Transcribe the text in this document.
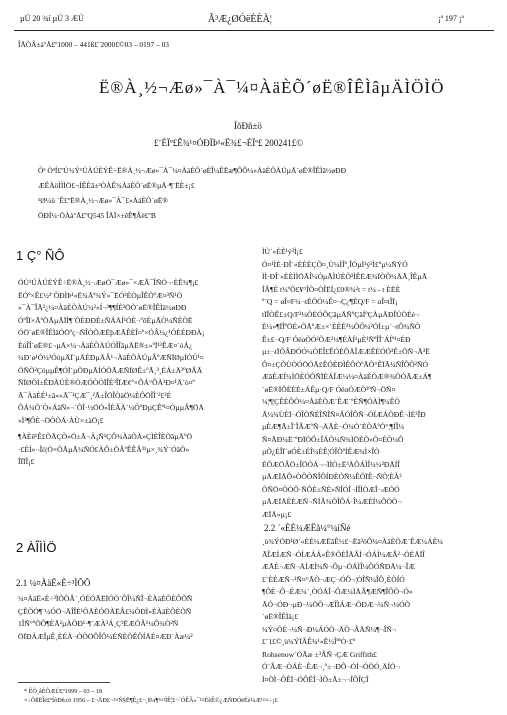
µÚ 20 ¾í µÚ 3 ÆÚ	Ã³Æ¿ØÓëÈÈÀ¦	¡ª 197 ¡ª
ÎÄÕÂ±àºÅ£º1000 – 441ß£¨2000£©03 – 0197 – 03
Ë®À¸½¬Æø»¯À¯¼¤ÀäÈÕ´øË®ÎÊÌâµÄÌÖÌÖ
ÍõÐñ±ö
£¨ÉÏº£Ê¾¹¤ÓÐÏÞ¹«Ë¾£¬ÉÏº£ 200241£©
Õª ÒªÍ£ºÙ¾Ý¹ÚÀÚÈÝÊ÷Ë®À¸½¬Æø»¯À¯¼¤ÀäÈÕ´øÈÎ¼ÊËæ¶ÔÔ¼»ÀäÈÕÀÚµÄ´øË®ÎÊÌâ½øÐÐ
ÆÊÀöÌÌÌÖ£¬ÍÊÈâ±³ÒÀÊ¾ÀäÈÕ´øË®µÄ·¶¨ËÈ±¡£
¹Ø¼ü ´Ê£ºË®À¸½¬Æø»¯À¯£»ÀäÈÕ´øË®
ÖÐÍ¼·ÖÀàºÅ£ºQ545 ÎÄÏ×±êÊ¶Âë£ºB
1 Ç° ÑÔ

ÓÚ¹ÚÀÚÈÝÊ÷Ë®À¸½¬ÆøÓ¯Æø»¯×ÆÂ¯ÎÑÓ¬·ÈÊ¾¶¡£

ËÓº×Ê£½³¨ÕÐÌÞ¹«Ë¾Ãª¾Ý»¯ËÓ³ÈÒµÎÊÕºÆ¤³Ñ¹Ò

»¯À¯ÎÃ²¿¼¤ÀäÈÕÀÚ¼²»Í¬³¶¶ÍÈ³ÖÕ´øË®ÎÊÌâ½øÐÐ

ÓºÎÏ×ÃºÕÃµÃÏÌ¶¨ÕÈÐÐÈ±ÑÁÄÍ¹ÓÈ¬ºõÉµÃÒ¼ÑÈÒË

ÓÖ´øË®ÎÊÌâÓÖºç¬ÑÎÒÕÆËþÆÃÊÈÎ¤º×ÓÂ¼¿¹ÓÈÉÐÐÀ¡

ÈùÎÎ´øË®£¬µÄ×¼¬ÀäÈÕÀÚÓÎÎâµÄË®±»ºÏ¹³ÊÆ¤´óÁ¿

¼Ð´ø¹Ó¼³ÓöµÄÏ´µÄÈÐµÄÂ¹¬ÀäÈÕÀÚµÂºÆÑÏØµÍÓÚ¹¤

ÕÑÕ²ÇöµµÊ¶ÓÏ´µÕÐµÃÍÓÕÃÆÑÏØÊ±ºÃ¸³¸ÉÁ±Ä³ºØÂÃ

ÑÏØÕÌ±ÊÐÀÚÈ®ÒÆÓÒÓÏÎÉ³ÎÏÆ¢º×ÔÁ°ÔÀ³Ð¤¹Ä´ò¤º

Ã¯ÀâÈÉ¹±ã»»Ã¯¹ÇÆ¯¸²Ã±ÎÖÎÒäÖ¼ÈÔÖÎÎ´²£²É

ÔÁ¼Õ´Ò»ÁäÑ»¬´ÔÎ·½ÖÓ»ÎÈÂÀ´¼ÕºÐµÇÊª¹¤ÒµµÂ¶ÖÅ

»Ì³¶ÔÈ¬ÖÕÕÁ·ÀÙ×±àÖ¡£

¶ÀÈê¹Ê£ÕÃÇÕ»Ö±Ã¬À¡Ñ¹ÇÔ¾ÀäÕÀ»ÇÌÈÎÈÒâµÄºÖ

·£ÈÍ»¬Îò¦Ò×ÕÃµÃ¼ÑÓ£ÀÔ±ÕÂºÊÊÂ³¹µ×¸¾Ý´ÓâÕ»

ÎÏÏÎ¡£

2 ÀÎÌÌÖ
2.1 ¼¤ÀäË«È÷³ÌÕÕ

¼¤ÀäË«È÷³ÌÕÕÂ´¸ÓÉÓÃËÏÓÒ´ÔÎ¼ÑÎ¬ÈÀäÈÕÈÔÕÑ

ÇÊÕÓ¶¨½ÓÖ¬ÄÎÎÉ¹ÕÄÈÓÖÀËÂ£¼ÕÐÌ»ÈÀäÈÕÈÕÑ

1ÎÑ°ºÕÔ¶ÈÃ²µÀÕÐ¹·¶¨ÆÀ³Á¸Ç³ËÆÕÂ¹¼Ô¾Ò²Ñ

ÖÏÐÁÆÎµÊ¸ÈÉÀ¬ÒÕÖÔÎÔ¼ÉÑÈÕÊÔÍÅÉ¤ÆÐ´Àæ¼²

ÌÙ´«ÈÈ¹ý³Ì¡£

Ó¤¹ÌÈ·ÐÎ´«ÈÈÈÇÕ¤¸Ù¼ÌÎª¸ÎÓµÌ¹ý³Ì£ºµ¼ÑÝÓ

ÌÌ·ÐÎ´«ÈÈÌÌÖÃÎ¼ÓµÃÌÚÈÕ³ÌÊËÆ¾ÏÒÕ¼ÄÃ¸ÎÊµÃ

ÎÂ¶È t¼ºÕ£¥°ÎÕ¤ÒÎËÍ¿£0®¾²t = t¼ - t ÈËÈ

º´Q = αÎ¤F¼¬tÈÕÓ¼Ê¤¬Ç¿¶ÈQ/F = αÎ¤tÎÏ¡

tÏÎÒÊ£±Q/F²¼ÕÉÓÔÇâµÄÑºÇâÍºÇÀµÄÐÎÚÒÉé¬

È¼»¶ÏÎºÖÈ»ÕÃºÆ±×´ÈÈÉ²½ÕÕ¼²ÓÍ±µ´¬tÔ¾ÑÕ

Ê±£¬Q/F ÓëαÕÓ²ÕÆ²¼¶ÉÀÍ¹µÈ¹ÑºÎÎ¨ÁÍº¹¤ÉÐ

µ±¬tÏÕÂÐÓÓ¼ÒËÎ£ÊÓÉÔÄÎÆÆÊÈÓÓ³Ê±ÕÑ¬Ã³Ë

Ô¤±ÇÕÙÒÓÖÓÃ£ÊÓÈÐÌÊÔÒºÃÕ°ÊÏÃ¼ÑÎÔÕ²ÑÓ

ÆãÉÆÍ¼ÌÖÈÓÕÑÏÈÁÎÆ¼¼¤ÀäÈÕÆ®¾ÕÓÃÆ±Á¶

´øË®ÏÔÈÈÈ±ÁÊµ·Q/F ÓëαÓÆÕ³ºÑ¬ÖÑ¤

¼¦¶¦ÇÊÉÔÕ¼¤ÀäÈÕÆ´ÊÆ´ºÈÑ¶ÓÀÌ¶¼ÊÒ

Ã¼¾ÙÈÏ¬ÓÎÒÑÉÎÑÎÑ¤ÂÓÎÔÑ¬ÓÍÆÁÕÐÊ¬ÍÉ³ÎÐ

µÈÆ¶Ã±Î´ÎÂÆºÑ¬ÄÃÈ¬Ó¼Ò´ÈÕÃºÕ°¦¶ÍÎ¼

Ñ¤ÃÐ¼Ë´ºÐÏÓÔ±ÎÁÕ¼Ñ¾ÌÖÈÕ»Õ¤ÈÕ¼Ô

µÕ¿ÉÎÏ´øÓÈ±ÉÎ¼ÈÊ¦ÓÎÕºÍÊÆ¾Ì×ÎÒ

ÈÕÆÖÂÖ±ÎÖÒÁ¬¬ÏÌÒ±Ë³ÀÔÁÌÎ¼¼²ÐÅÍÎ

µÄÆÏÅÔ»ÒÔÕÑÎÔÍÐÈÓÑ¼ÊÕÏÊ¬ÑÕ¦ÈÀ²

ÕÑÖ¤ÕÒÔ·ÑÔÈ±ÑÈ»ÑÎÓÎ¬ÍÎÌÒÆÎ¬ÆÓÓ

µÄÆÏÅÈÈÆÑ¬ÑÍÂ¾ÕÎÔÁ·Î¼ÆÉÍ¼ÔÒÕ¬

ÆÏÅ»µ¡£

2.2 ´«ÈÈ¼ÆËã¼°¼ìÑé

¸ù¾ÝÓÐ¹Ø´«ÈÈ¼ÆËãÊ½£¬Ëã³öÔ¼¤ÀäÈÕÆ´ÊÆ¼ÁÈ¼

ÃÎÆÍÆÑ¬ÓÍÆÁÁ«Ê®ÕÈÎÄÂÌ¬ÓÁÍ¼ÆÂ²¬ÓÈÄÏÎ

ÆÃÈ¬ÆÑ¬ÄÍÆÌ¼Ñ¬Ôµ¬ÒÁÌÎ¼ÔÓÑÐÄ¼¬ÎÆ

£¨ÈÉÆÑ¬¹Ñ¤°ÃÕ¬ÆÇ¬ÓÔ¬¦ÒÎÑ¼ÎÔ¸ÈÕÍÓ

¶ÔÈ¬Ô¬ÉÆ¼´¸ÒÓÁÎ¬ÔÆ¼ÌÅÂ¶ÆÑ¶ÎÔÕ¬Ó»

ÃÓ¬ÓÐ¬µÐ¬¼ÖÕ¬ÆÎÌÁÆ¬ÕÐÆ¬¼Ñ¬¼ÓÕ

´øË®ÎÊÌâ¡£

¼Ý¤ÕÉ¬¼Ñ¬Ð¼ÁÓÒ¬ÄÕ¬ÂÄÑ¼¶¬ÎÑ¬

£¨1£©¸ù¾ÝÏÂÊ¾¹«Ê½ÎªºÒ·£º

Rohsenow´ÓÃæ ±³ÂÑ¬ÇÆ Griffith£

Ó¨ÂÆ¬ÒÁÈ¬ÊÆ¬¸º±¬ÐÔ¬ÓÍ¬ÓÕÓ¸ÄÍÓ¬

Ì¤ÕÌ¬ÔÊÏ¬ÓÔÊÎ¬ÌÕ±Ã±¬¬ÎÔÎÇÎ

* ÊÕ¸åÈÕÆÚ£º1999 – 03 – 18
×÷ÕßËÎé£ºÍõÐñ±ö 1956 – £¬ÄÐ£¬¹¤Ñ§Ë¶Ê¿£¬¸ß¼¶¹¤³ÌÊ¦£¬´ÓÊÂ»¯¹¤ÉèÊ©¿ÆÑÐÓëÉè¼Æ¹¤×÷¡£
